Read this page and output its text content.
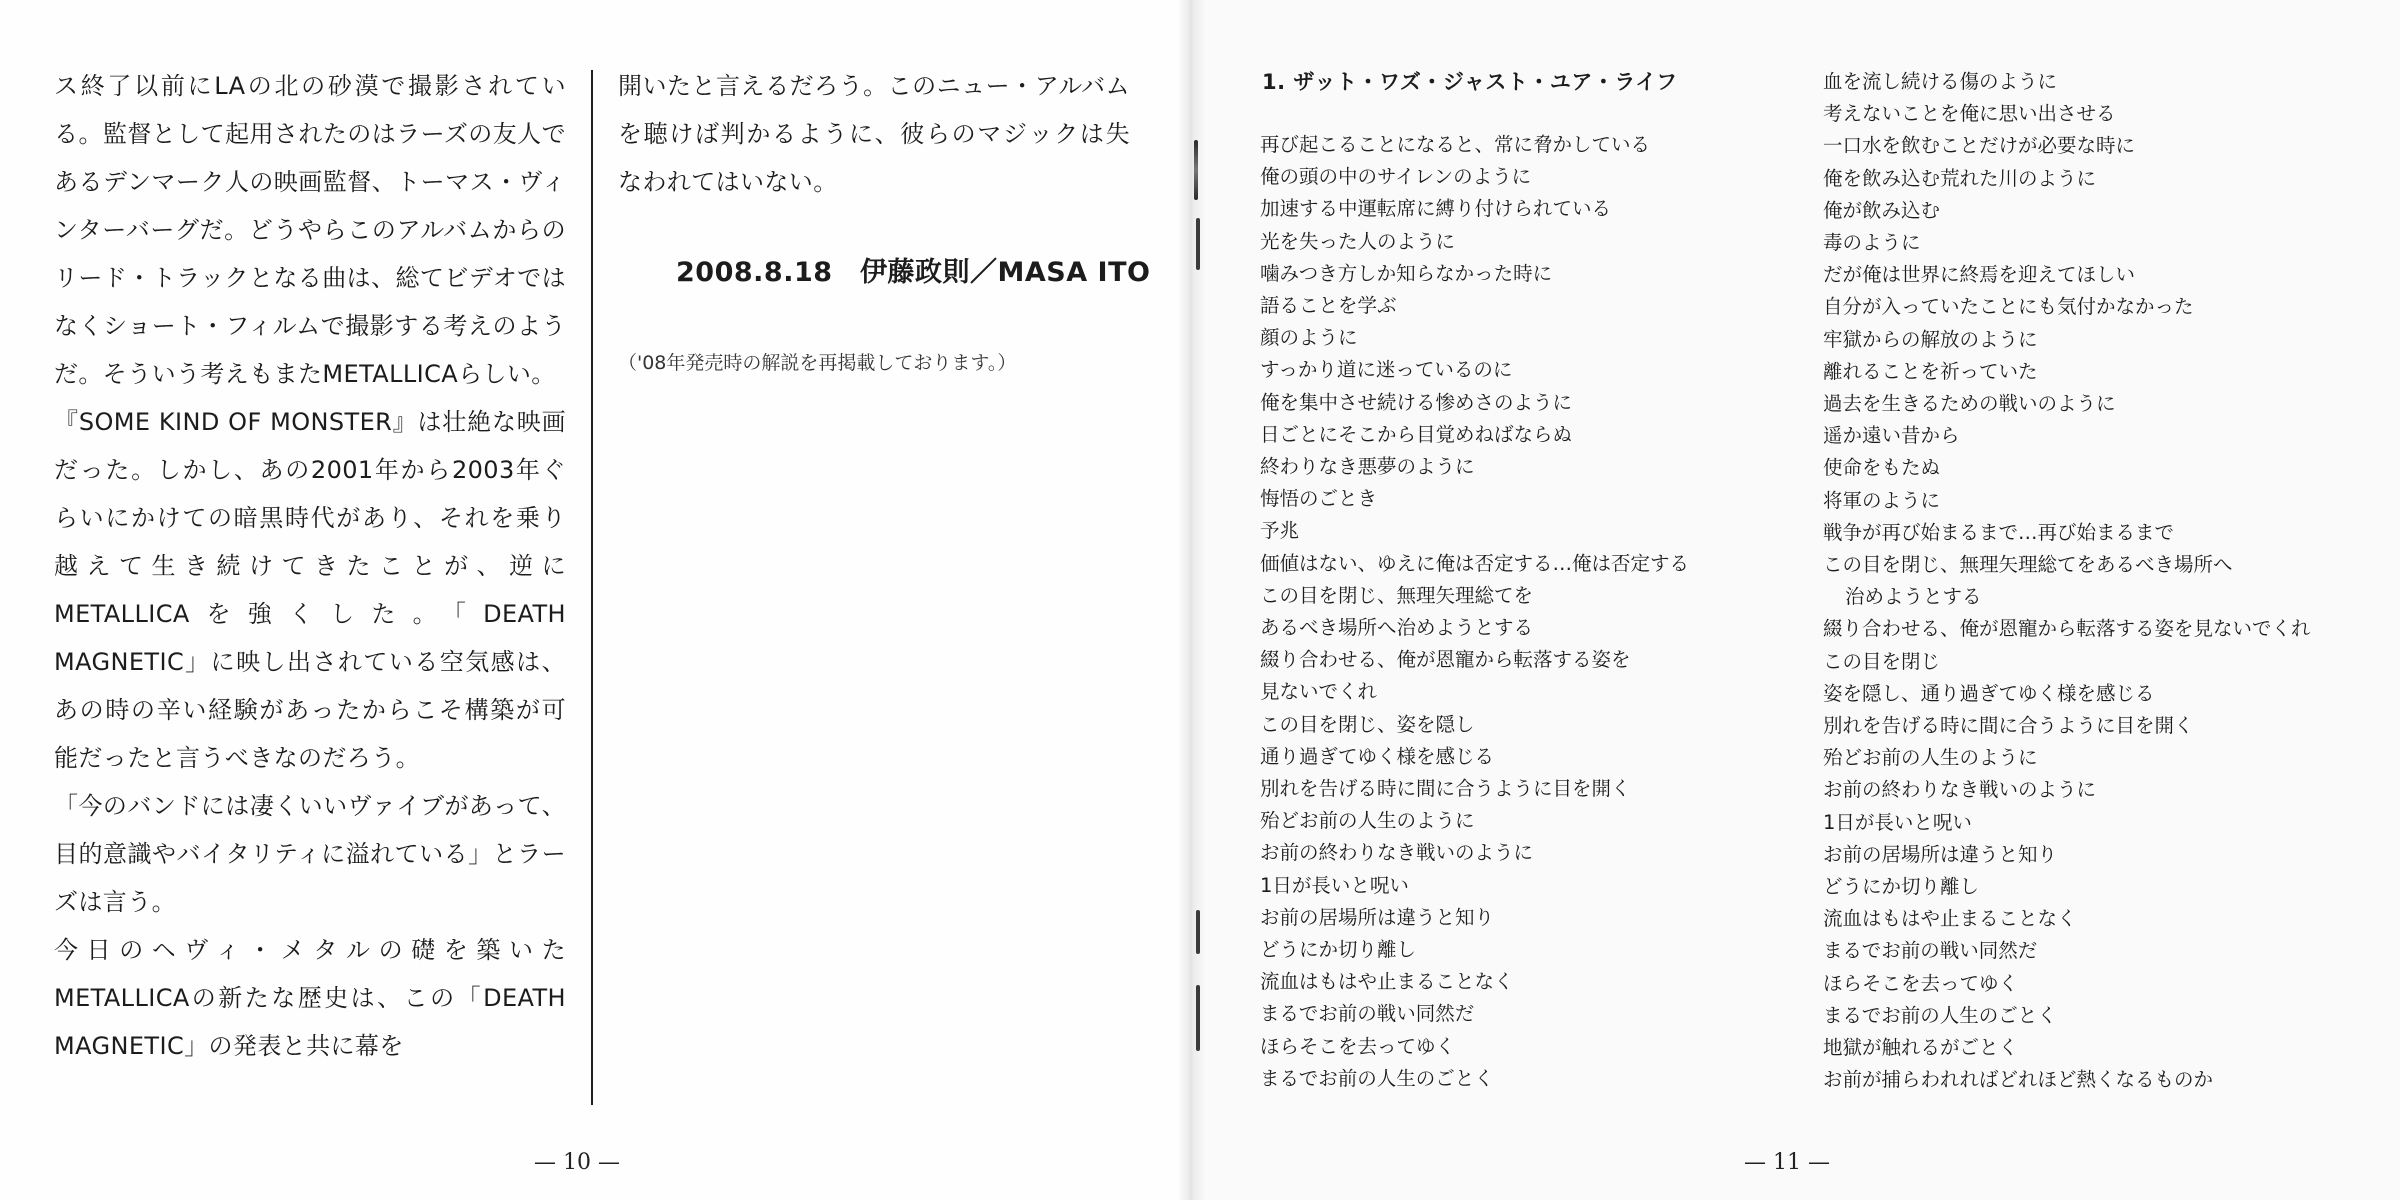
ス終了以前にLAの北の砂漠で撮影されている。監督として起用されたのはラーズの友人であるデンマーク人の映画監督、トーマス・ヴィンターバーグだ。どうやらこのアルバムからのリード・トラックとなる曲は、総てビデオではなくショート・フィルムで撮影する考えのようだ。そういう考えもまたMETALLICAらしい。

『SOME KIND OF MONSTER』は壮絶な映画だった。しかし、あの2001年から2003年ぐらいにかけての暗黒時代があり、それを乗り越えて生き続けてきたことが、逆にMETALLICAを強くした。「DEATH MAGNETIC」に映し出されている空気感は、あの時の辛い経験があったからこそ構築が可能だったと言うべきなのだろう。

「今のバンドには凄くいいヴァイブがあって、目的意識やバイタリティに溢れている」とラーズは言う。

今日のヘヴィ・メタルの礎を築いたMETALLICAの新たな歴史は、この「DEATH MAGNETIC」の発表と共に幕を

開いたと言えるだろう。このニュー・アルバムを聴けば判かるように、彼らのマジックは失なわれてはいない。

2008.8.18　伊藤政則／MASA ITO
（'08年発売時の解説を再掲載しております。）
— 10 —
1. ザット・ワズ・ジャスト・ユア・ライフ
再び起こることになると、常に脅かしている
俺の頭の中のサイレンのように
加速する中運転席に縛り付けられている
光を失った人のように
噛みつき方しか知らなかった時に
語ることを学ぶ
顔のように
すっかり道に迷っているのに
俺を集中させ続ける惨めさのように
日ごとにそこから目覚めねばならぬ
終わりなき悪夢のように
悔悟のごとき
予兆
価値はない、ゆえに俺は否定する…俺は否定する
この目を閉じ、無理矢理総てを
あるべき場所へ治めようとする
綴り合わせる、俺が恩寵から転落する姿を
見ないでくれ
この目を閉じ、姿を隠し
通り過ぎてゆく様を感じる
別れを告げる時に間に合うように目を開く
殆どお前の人生のように
お前の終わりなき戦いのように
1日が長いと呪い
お前の居場所は違うと知り
どうにか切り離し
流血はもはや止まることなく
まるでお前の戦い同然だ
ほらそこを去ってゆく
まるでお前の人生のごとく
血を流し続ける傷のように
考えないことを俺に思い出させる
一口水を飲むことだけが必要な時に
俺を飲み込む荒れた川のように
俺が飲み込む
毒のように
だが俺は世界に終焉を迎えてほしい
自分が入っていたことにも気付かなかった
牢獄からの解放のように
離れることを祈っていた
過去を生きるための戦いのように
遥か遠い昔から
使命をもたぬ
将軍のように
戦争が再び始まるまで…再び始まるまで
この目を閉じ、無理矢理総てをあるべき場所へ
治めようとする
綴り合わせる、俺が恩寵から転落する姿を見ないでくれ
この目を閉じ
姿を隠し、通り過ぎてゆく様を感じる
別れを告げる時に間に合うように目を開く
殆どお前の人生のように
お前の終わりなき戦いのように
1日が長いと呪い
お前の居場所は違うと知り
どうにか切り離し
流血はもはや止まることなく
まるでお前の戦い同然だ
ほらそこを去ってゆく
まるでお前の人生のごとく
地獄が触れるがごとく
お前が捕らわれればどれほど熱くなるものか
— 11 —
